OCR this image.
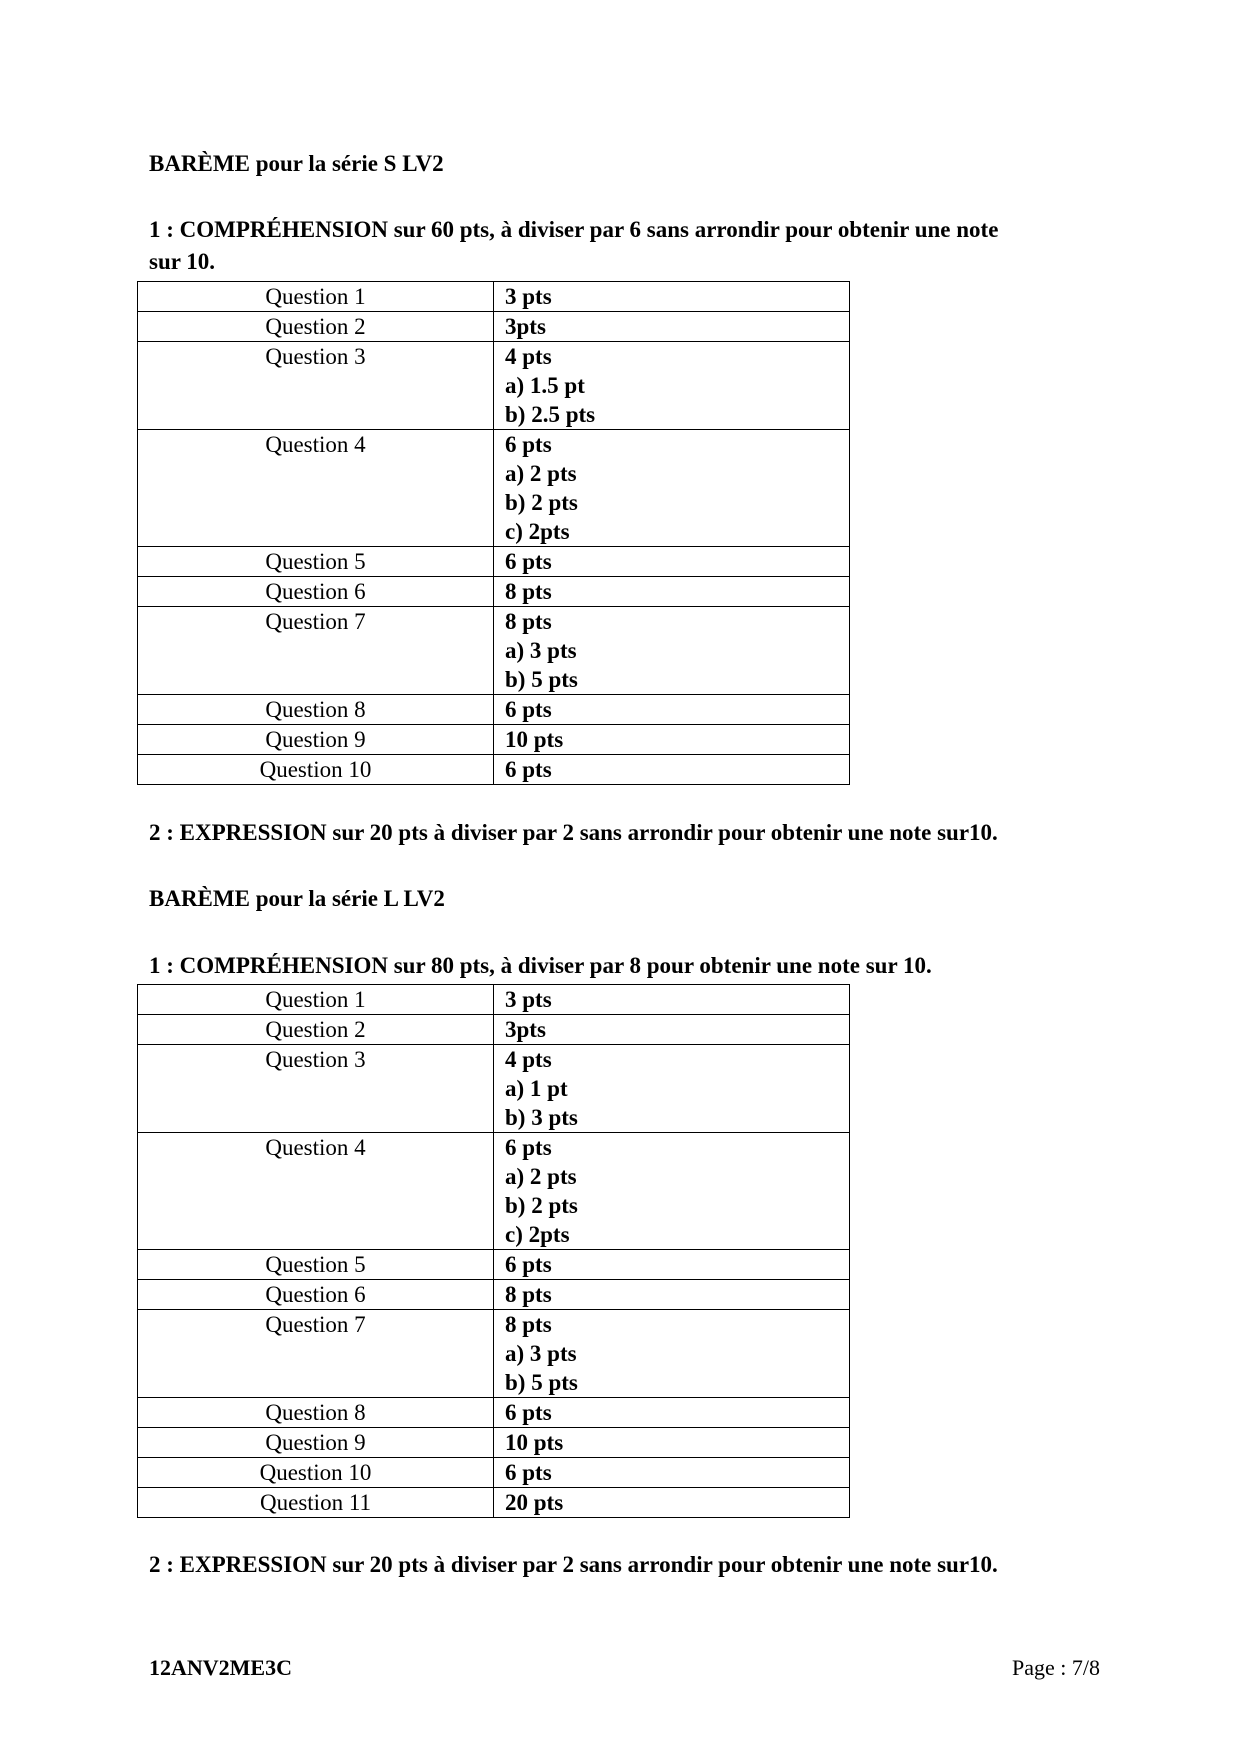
BARÈME pour la série S LV2
1 : COMPRÉHENSION sur 60 pts, à diviser par 6 sans arrondir pour obtenir une note
sur 10.
Question 1	3 pts

Question 2	3pts

Question 3	4 pts
a) 1.5 pt
b) 2.5 pts

Question 4	6 pts
a) 2 pts
b) 2 pts
c) 2pts

Question 5	6 pts

Question 6	8 pts

Question 7	8 pts
a) 3 pts
b) 5 pts

Question 8	6 pts

Question 9	10 pts

Question 10	6 pts
2 : EXPRESSION sur 20 pts à diviser par 2 sans arrondir pour obtenir une note sur10.
BARÈME pour la série L LV2
1 : COMPRÉHENSION sur 80 pts, à diviser par 8 pour obtenir une note sur 10.
Question 1	3 pts

Question 2	3pts

Question 3	4 pts
a) 1 pt
b) 3 pts

Question 4	6 pts
a) 2 pts
b) 2 pts
c) 2pts

Question 5	6 pts

Question 6	8 pts

Question 7	8 pts
a) 3 pts
b) 5 pts

Question 8	6 pts

Question 9	10 pts

Question 10	6 pts

Question 11	20 pts
2 : EXPRESSION sur 20 pts à diviser par 2 sans arrondir pour obtenir une note sur10.
12ANV2ME3C	Page : 7/8
